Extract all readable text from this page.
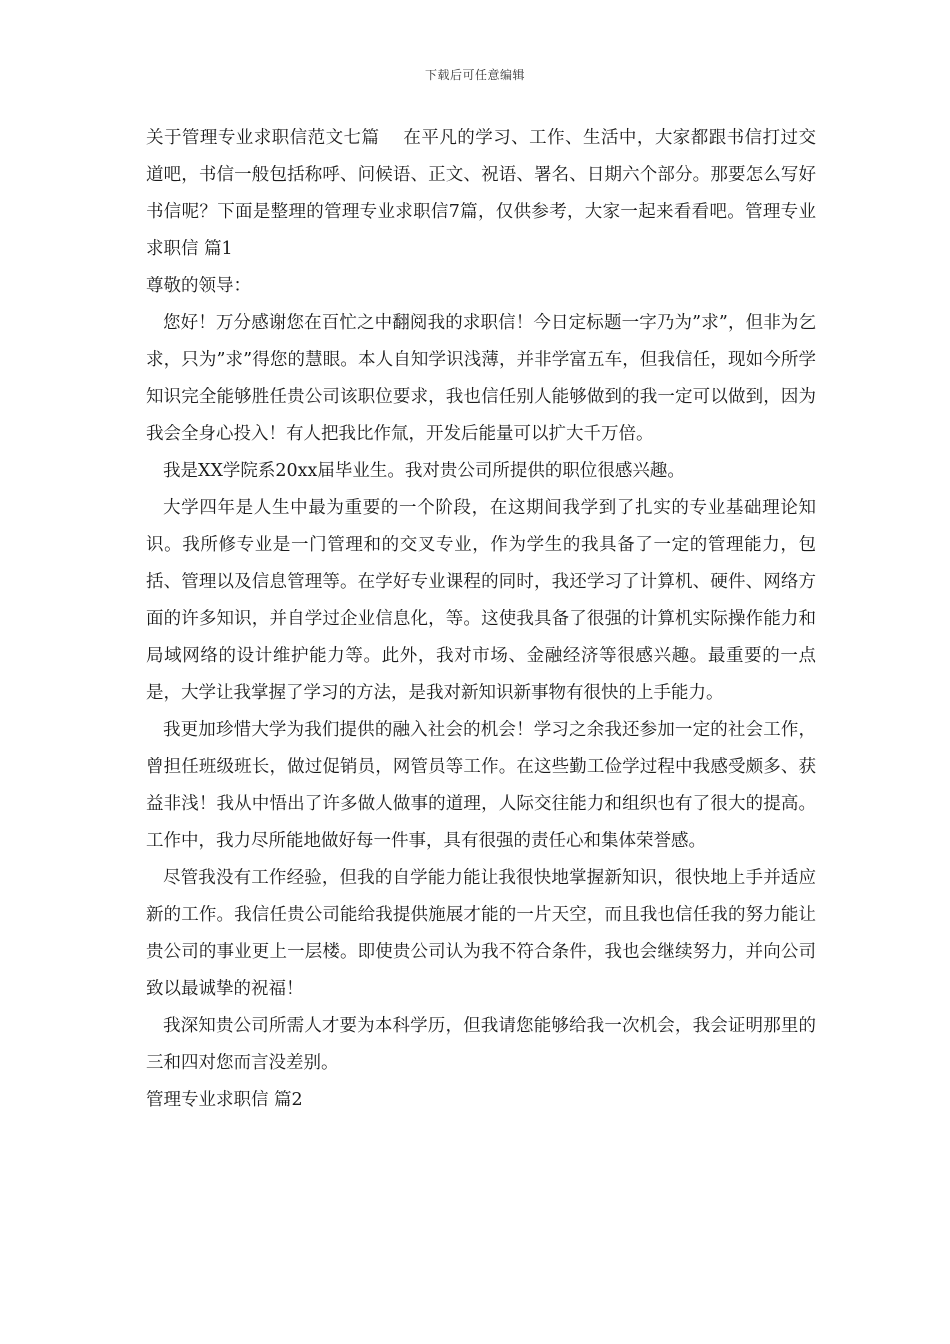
下载后可任意编辑

关于管理专业求职信范文七篇　 在平凡的学习、工作、生活中，大家都跟书信打过交道吧，书信一般包括称呼、问候语、正文、祝语、署名、日期六个部分。那要怎么写好书信呢？下面是整理的管理专业求职信7篇，仅供参考，大家一起来看看吧。管理专业求职信 篇1

尊敬的领导：

您好！万分感谢您在百忙之中翻阅我的求职信！今日定标题一字乃为”求”，但非为乞求，只为”求”得您的慧眼。本人自知学识浅薄，并非学富五车，但我信任，现如今所学知识完全能够胜任贵公司该职位要求，我也信任别人能够做到的我一定可以做到，因为我会全身心投入！有人把我比作氚，开发后能量可以扩大千万倍。

我是XX学院系20xx届毕业生。我对贵公司所提供的职位很感兴趣。

大学四年是人生中最为重要的一个阶段，在这期间我学到了扎实的专业基础理论知识。我所修专业是一门管理和的交叉专业，作为学生的我具备了一定的管理能力，包括、管理以及信息管理等。在学好专业课程的同时，我还学习了计算机、硬件、网络方面的许多知识，并自学过企业信息化，等。这使我具备了很强的计算机实际操作能力和局域网络的设计维护能力等。此外，我对市场、金融经济等很感兴趣。最重要的一点是，大学让我掌握了学习的方法，是我对新知识新事物有很快的上手能力。

我更加珍惜大学为我们提供的融入社会的机会！学习之余我还参加一定的社会工作，曾担任班级班长，做过促销员，网管员等工作。在这些勤工俭学过程中我感受颇多、获益非浅！我从中悟出了许多做人做事的道理，人际交往能力和组织也有了很大的提高。工作中，我力尽所能地做好每一件事，具有很强的责任心和集体荣誉感。

尽管我没有工作经验，但我的自学能力能让我很快地掌握新知识，很快地上手并适应新的工作。我信任贵公司能给我提供施展才能的一片天空，而且我也信任我的努力能让贵公司的事业更上一层楼。即使贵公司认为我不符合条件，我也会继续努力，并向公司致以最诚挚的祝福！

我深知贵公司所需人才要为本科学历，但我请您能够给我一次机会，我会证明那里的三和四对您而言没差别。

管理专业求职信 篇2
